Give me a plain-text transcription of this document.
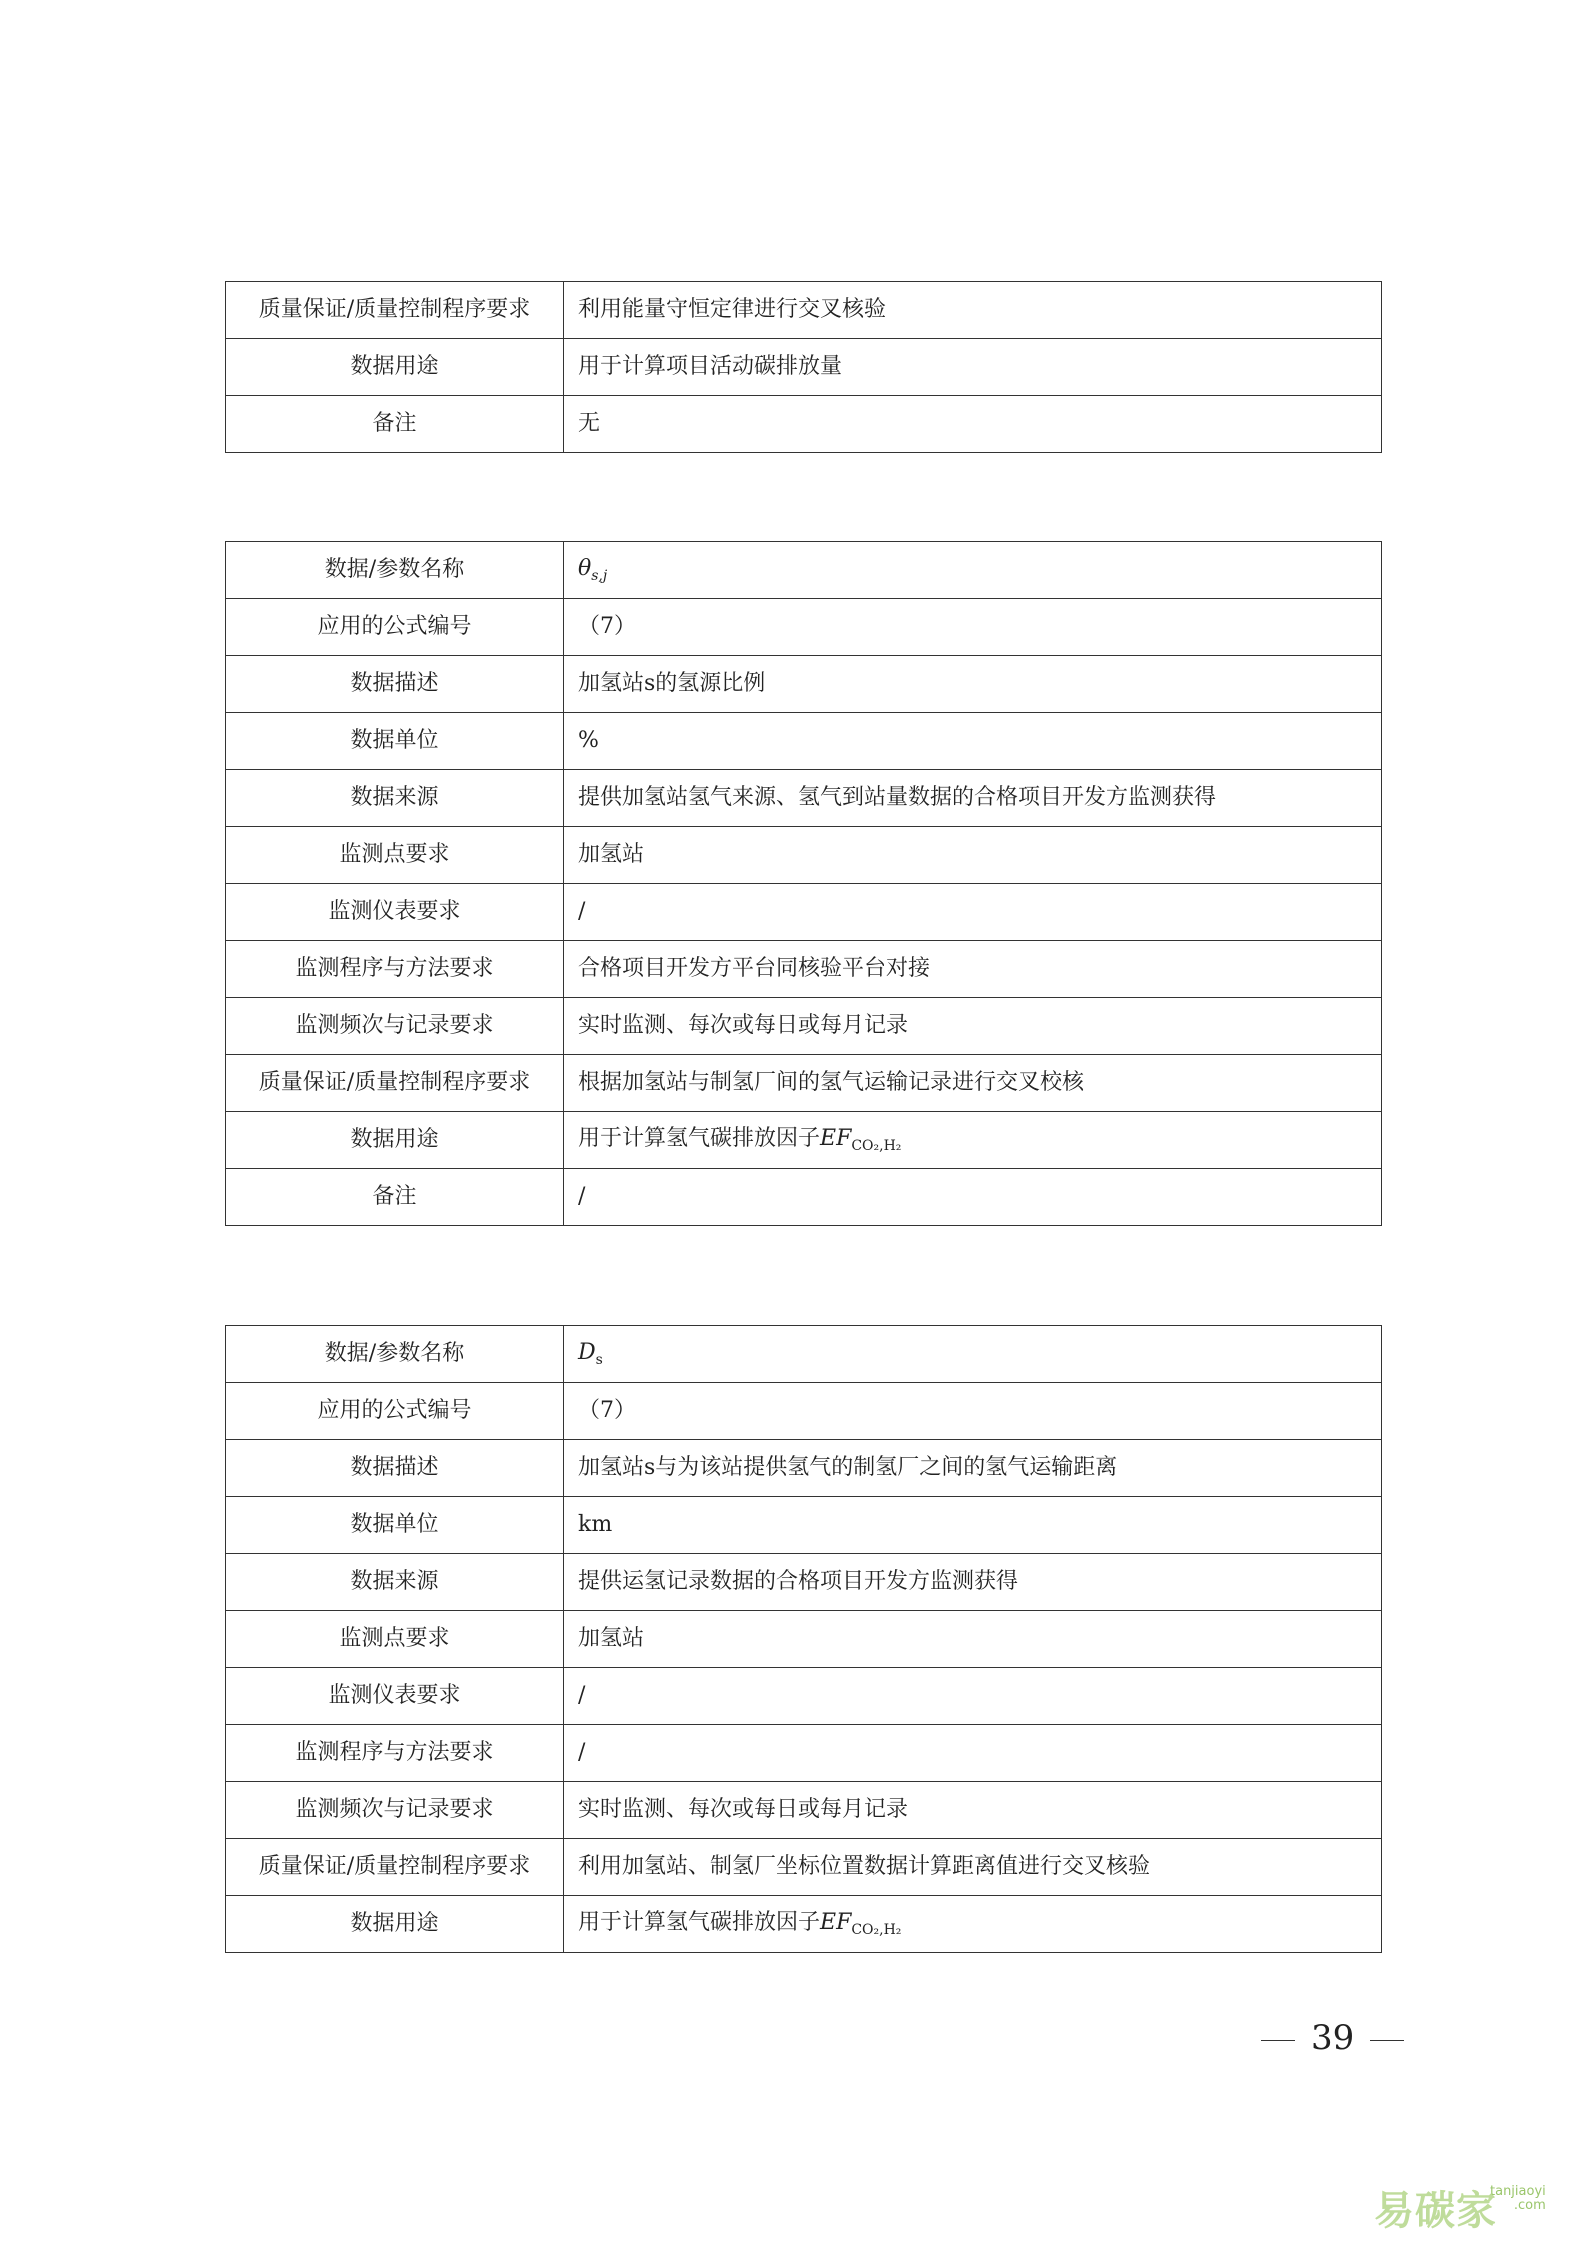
质量保证/质量控制程序要求	利用能量守恒定律进行交叉核验
数据用途	用于计算项目活动碳排放量
备注	无
数据/参数名称	$\theta_{s,j}$
应用的公式编号	（7）
数据描述	加氢站s的氢源比例
数据单位	%
数据来源	提供加氢站氢气来源、氢气到站量数据的合格项目开发方监测获得
监测点要求	加氢站
监测仪表要求	/
监测程序与方法要求	合格项目开发方平台同核验平台对接
监测频次与记录要求	实时监测、每次或每日或每月记录
质量保证/质量控制程序要求	根据加氢站与制氢厂间的氢气运输记录进行交叉校核
数据用途	用于计算氢气碳排放因子$EF_{CO_2,H_2}$
备注	/
数据/参数名称	$D_s$
应用的公式编号	（7）
数据描述	加氢站s与为该站提供氢气的制氢厂之间的氢气运输距离
数据单位	km
数据来源	提供运氢记录数据的合格项目开发方监测获得
监测点要求	加氢站
监测仪表要求	/
监测程序与方法要求	/
监测频次与记录要求	实时监测、每次或每日或每月记录
质量保证/质量控制程序要求	利用加氢站、制氢厂坐标位置数据计算距离值进行交叉核验
数据用途	用于计算氢气碳排放因子$EF_{CO_2,H_2}$
39
易碳家
tanjiaoyi
.com
